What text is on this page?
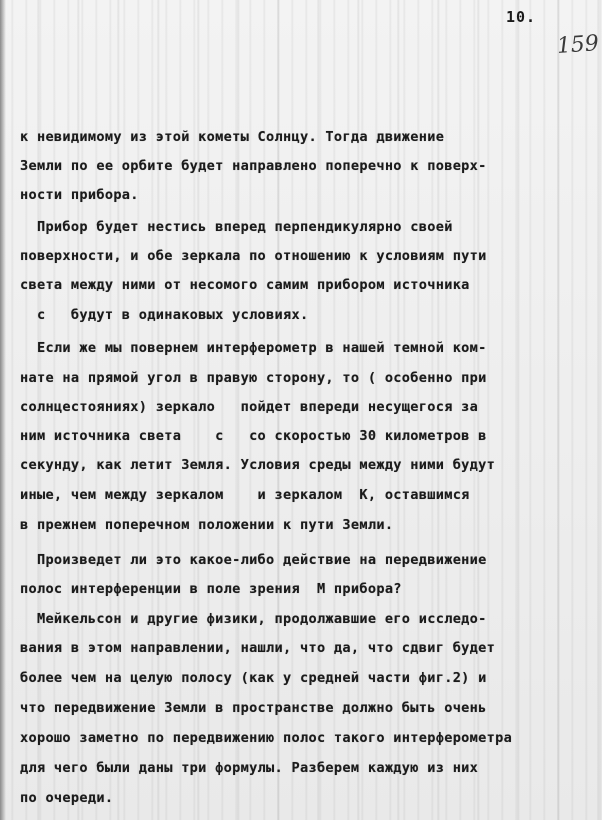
10.
159
к невидимому из этой кометы Солнцу. Тогда движение
Земли по ее орбите будет направлено поперечно к поверх-
ности прибора.
Прибор будет нестись вперед перпендикулярно своей
поверхности, и обе зеркала по отношению к условиям пути
света между ними от несомого самим прибором источника
с   будут в одинаковых условиях.
Если же мы повернем интерферометр в нашей темной ком-
нате на прямой угол в правую сторону, то ( особенно при
солнцестояниях) зеркало   пойдет впереди несущегося за
ним источника света    с   со скоростью 30 километров в
секунду, как летит Земля. Условия среды между ними будут
иные, чем между зеркалом    и зеркалом  К, оставшимся
в прежнем поперечном положении к пути Земли.
Произведет ли это какое-либо действие на передвижение
полос интерференции в поле зрения  М прибора?
Мейкельсон и другие физики, продолжавшие его исследо-
вания в этом направлении, нашли, что да, что сдвиг будет
более чем на целую полосу (как у средней части фиг.2) и
что передвижение Земли в пространстве должно быть очень
хорошо заметно по передвижению полос такого интерферометра
для чего были даны три формулы. Разберем каждую из них
по очереди.
